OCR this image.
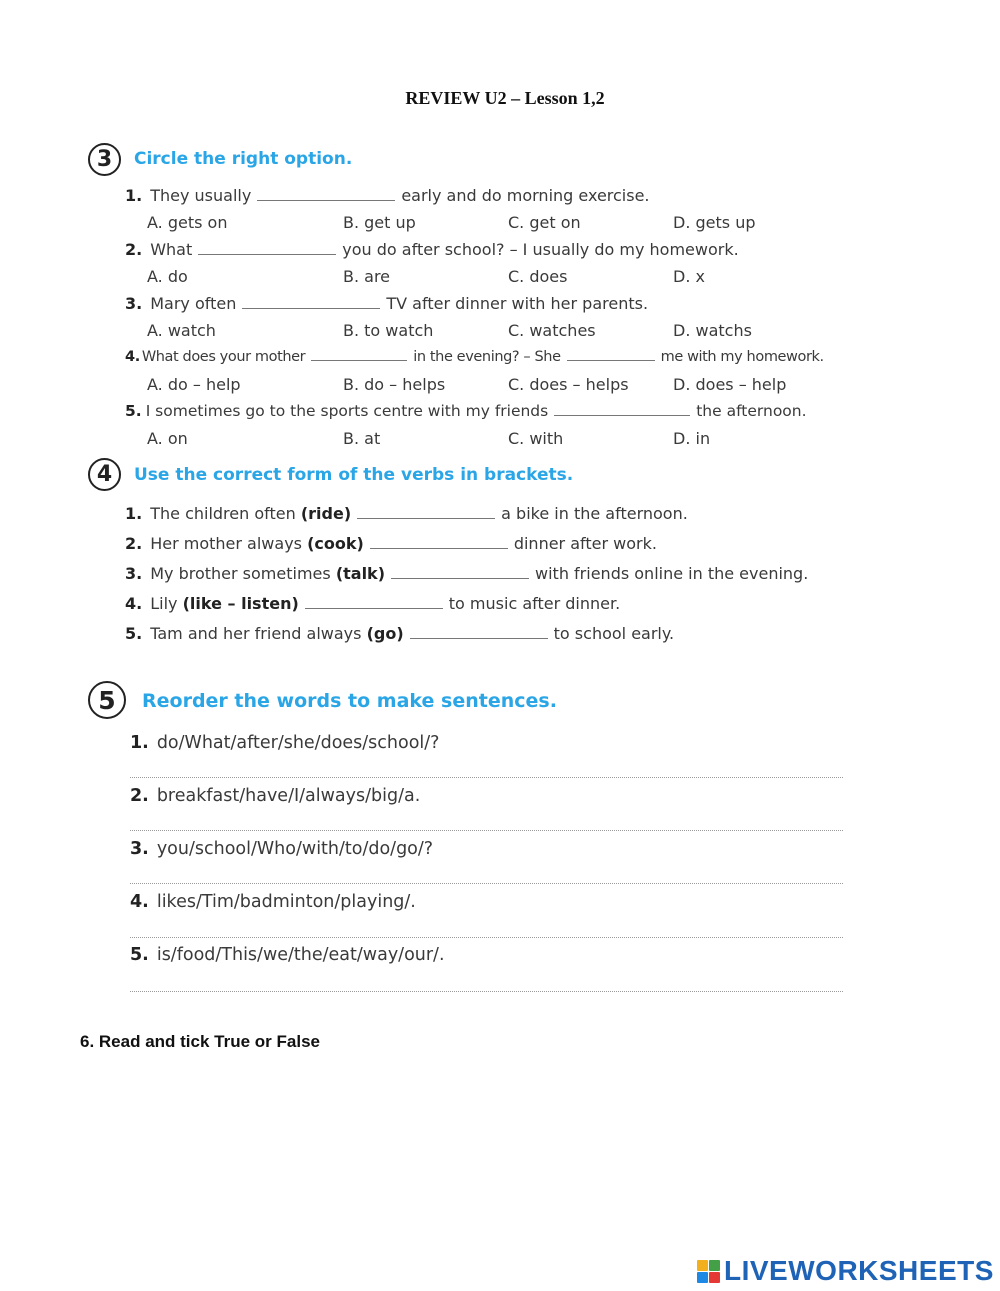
REVIEW U2 – Lesson 1,2
3	Circle the right option.
1. They usually	early and do morning exercise.
A. gets on	B. get up	C. get on	D. gets up
2. What	you do after school? – I usually do my homework.
A. do	B. are	C. does	D. x
3. Mary often	TV after dinner with her parents.
A. watch	B. to watch	C. watches	D. watchs
4. What does your mother	in the evening? – She	me with my homework.
A. do – help	B. do – helps	C. does – helps	D. does – help
5. I sometimes go to the sports centre with my friends	the afternoon.
A. on	B. at	C. with	D. in
4	Use the correct form of the verbs in brackets.
1. The children often (ride)	a bike in the afternoon.
2. Her mother always (cook)	dinner after work.
3. My brother sometimes (talk)	with friends online in the evening.
4. Lily (like – listen)	to music after dinner.
5. Tam and her friend always (go)	to school early.
5	Reorder the words to make sentences.
1. do/What/after/she/does/school/?
2. breakfast/have/I/always/big/a.
3. you/school/Who/with/to/do/go/?
4. likes/Tim/badminton/playing/.
5. is/food/This/we/the/eat/way/our/.
6. Read and tick True or False
LIVEWORKSHEETS
